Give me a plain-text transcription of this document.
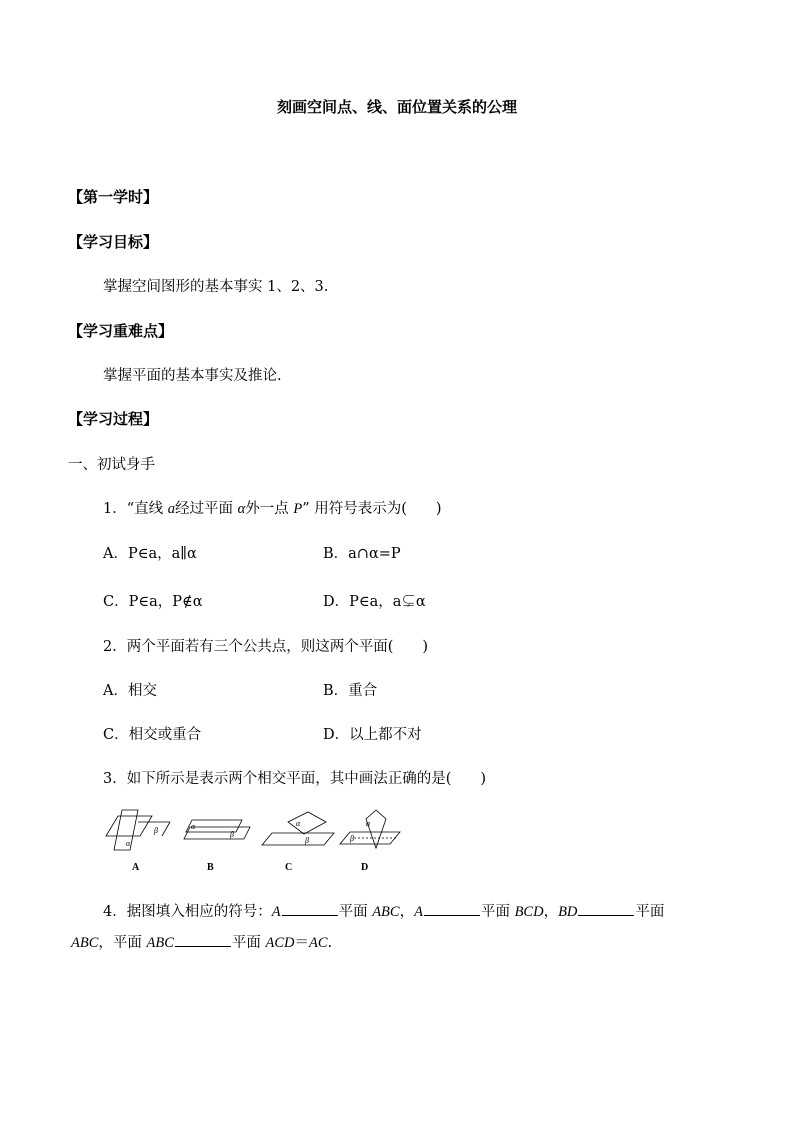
刻画空间点、线、面位置关系的公理
【第一学时】
【学习目标】
掌握空间图形的基本事实 1、2、3.
【学习重难点】
掌握平面的基本事实及推论.
【学习过程】
一、初试身手
1．“直线 a经过平面 α外一点 P” 用符号表示为(　　)
A．P∈a，a∥α	B．a∩α=P
C．P∈a，P∉α	D．P∈a，a⊊α
2．两个平面若有三个公共点，则这两个平面(　　)
A．相交	B．重合
C．相交或重合	D．以上都不对
3．如下所示是表示两个相交平面，其中画法正确的是(　　)
α
β	α
β
α
β
α
β
A	B	C	D
4．据图填入相应的符号：A	平面 ABC，A	平面 BCD，BD	平面
ABC，平面 ABC	平面 ACD＝AC.
